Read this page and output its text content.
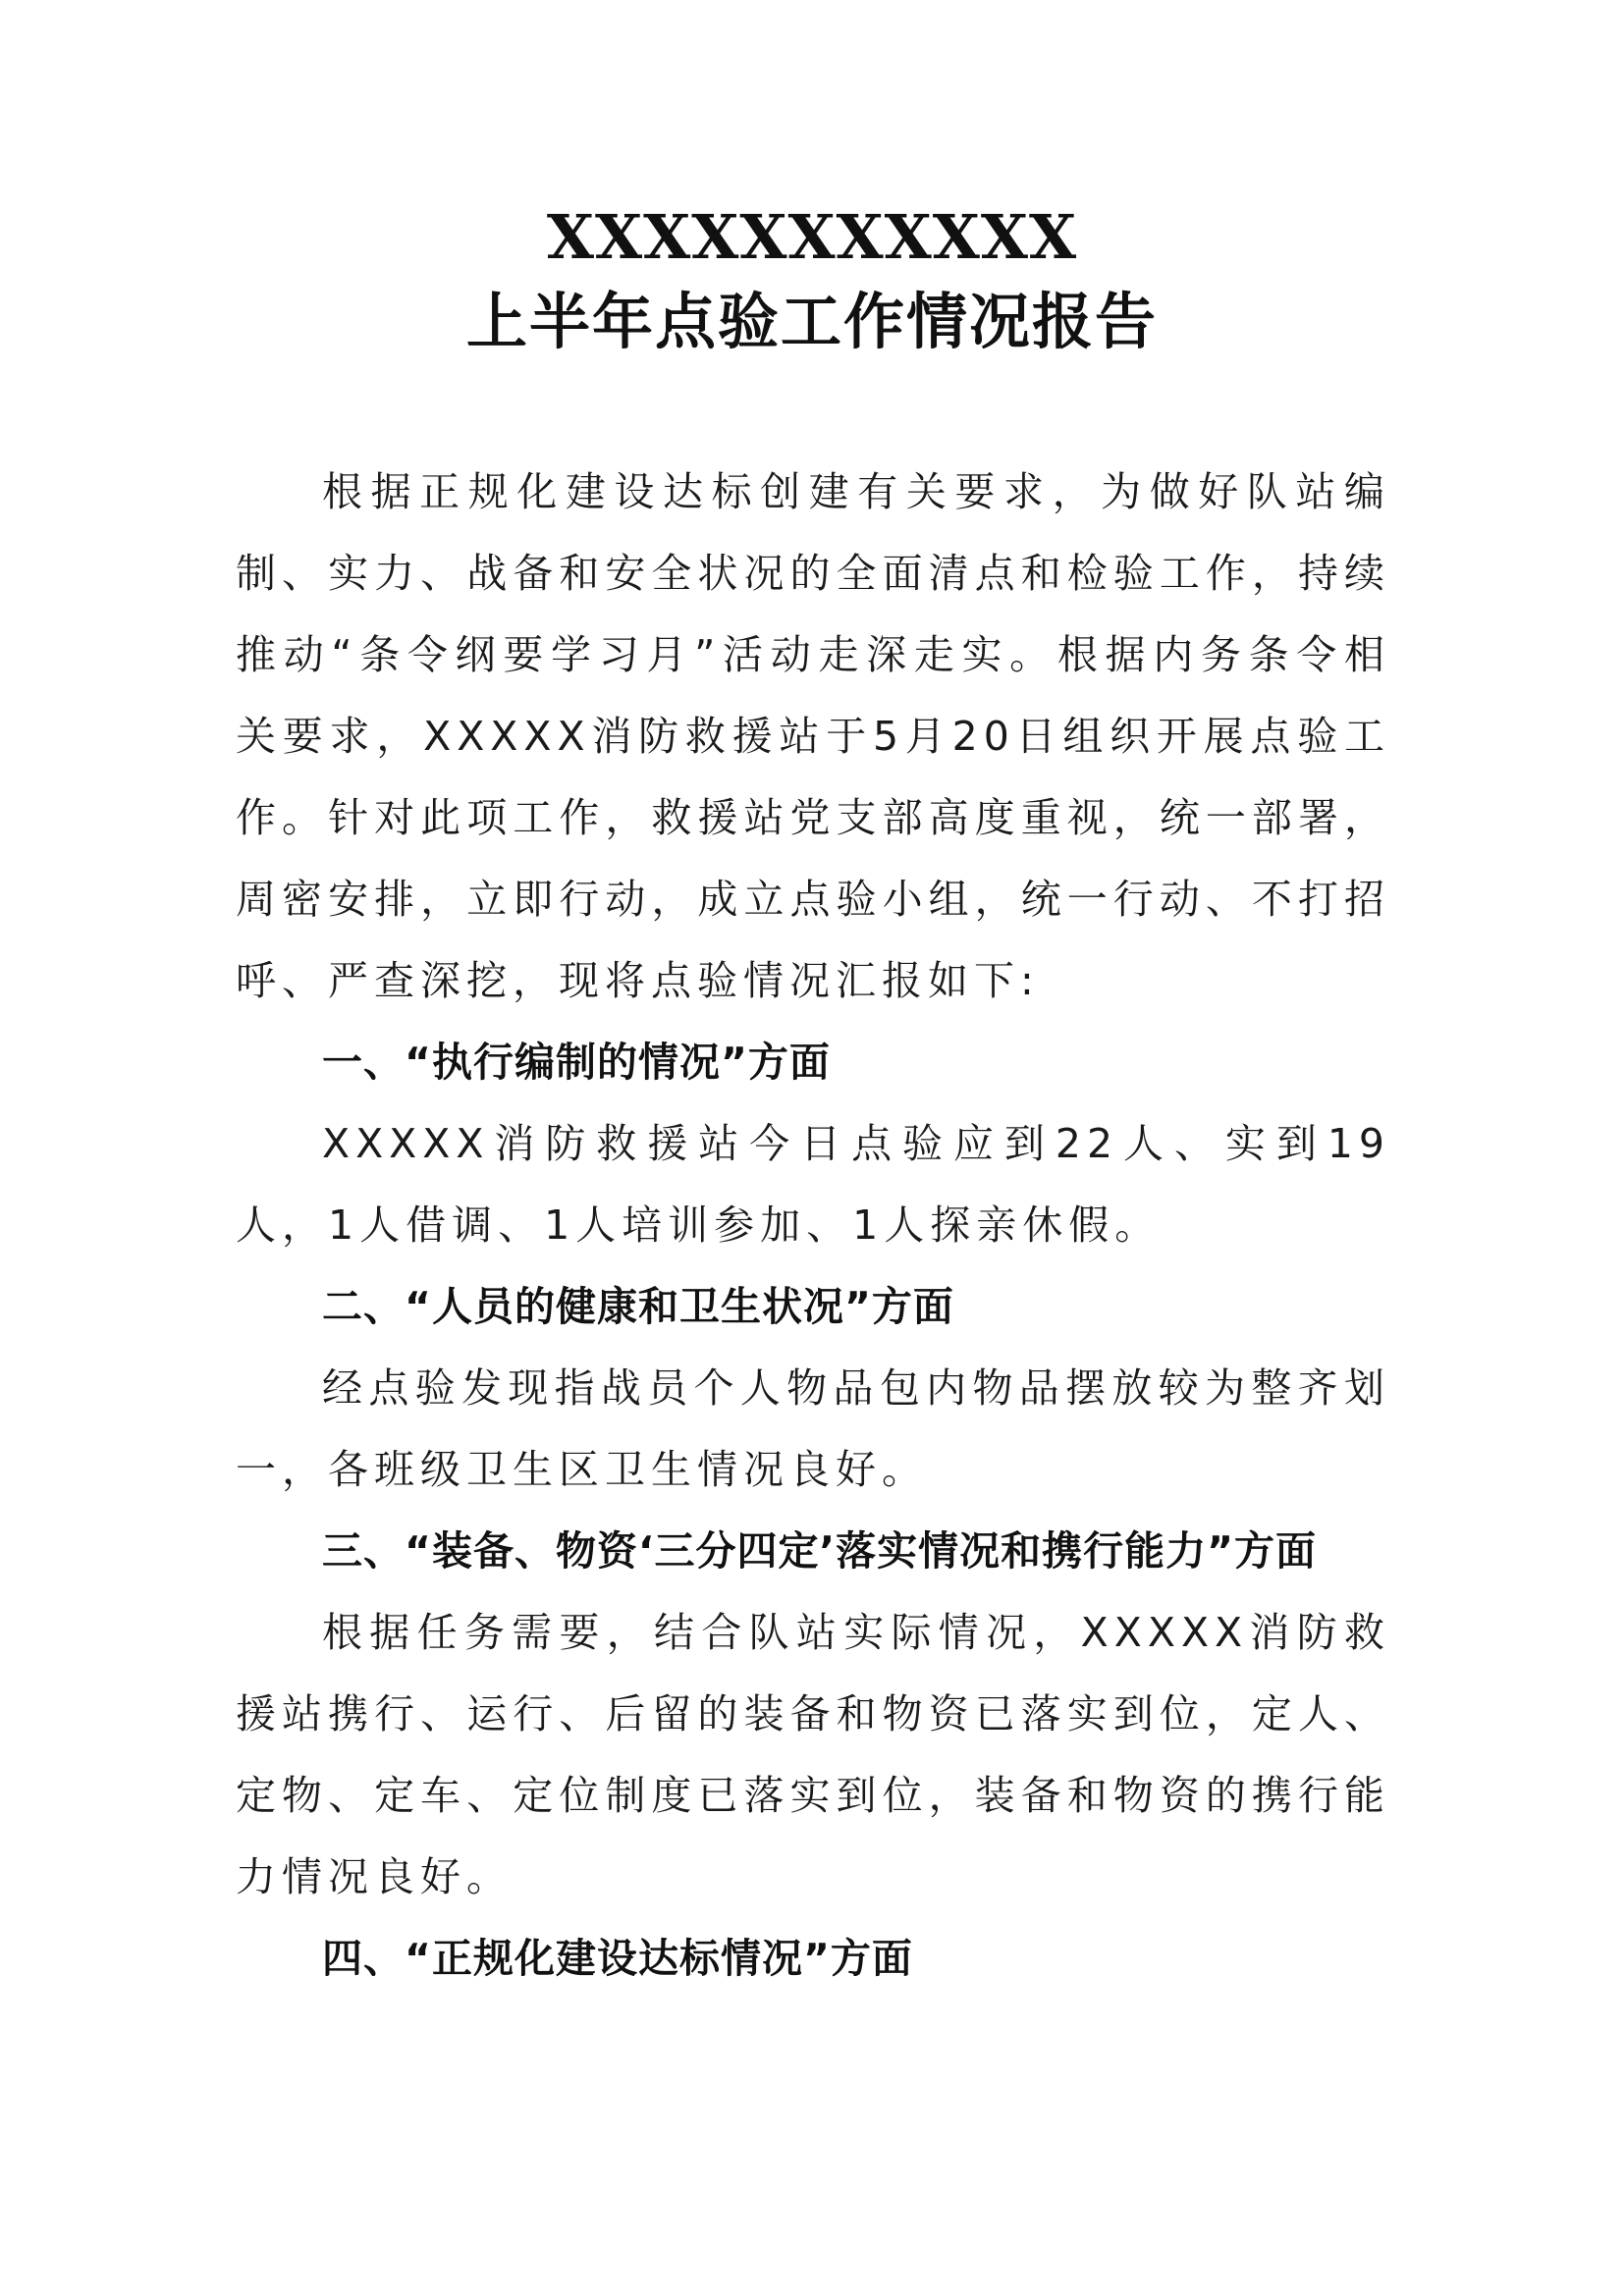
XXXXXXXXXXX
上半年点验工作情况报告

根据正规化建设达标创建有关要求，为做好队站编制、实力、战备和安全状况的全面清点和检验工作，持续推动“条令纲要学习月”活动走深走实。根据内务条令相关要求，XXXXX消防救援站于5月20日组织开展点验工作。针对此项工作，救援站党支部高度重视，统一部署，周密安排，立即行动，成立点验小组，统一行动、不打招呼、严查深挖，现将点验情况汇报如下:

一、“执行编制的情况”方面

XXXXX消防救援站今日点验应到22人、实到19人，1人借调、1人培训参加、1人探亲休假。

二、“人员的健康和卫生状况”方面

经点验发现指战员个人物品包内物品摆放较为整齐划一，各班级卫生区卫生情况良好。

三、“装备、物资‘三分四定’落实情况和携行能力”方面

根据任务需要，结合队站实际情况，XXXXX消防救援站携行、运行、后留的装备和物资已落实到位，定人、定物、定车、定位制度已落实到位，装备和物资的携行能力情况良好。

四、“正规化建设达标情况”方面
